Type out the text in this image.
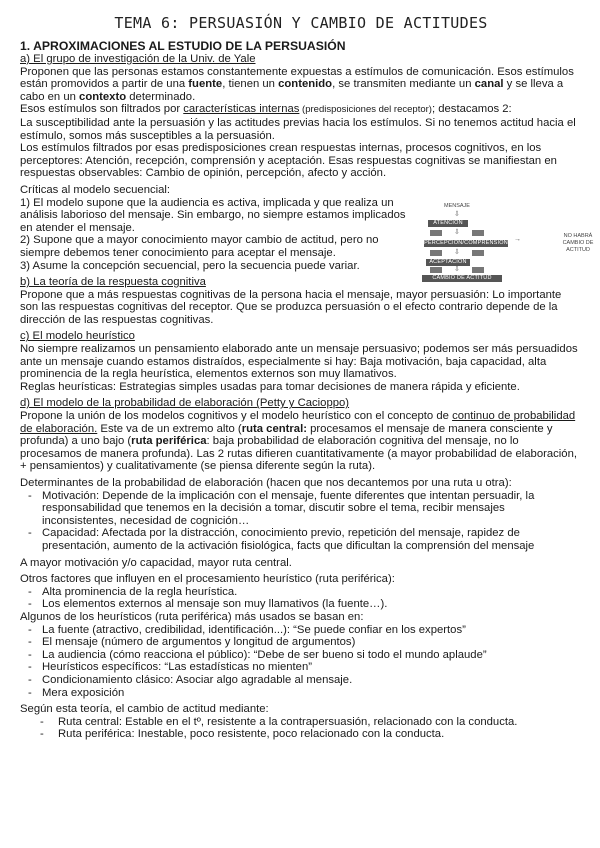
TEMA 6: PERSUASIÓN Y CAMBIO DE ACTITUDES
1. APROXIMACIONES AL ESTUDIO DE LA PERSUASIÓN
a) El grupo de investigación de la Univ. de Yale
Proponen que las personas estamos constantemente expuestas a estímulos de comunicación. Esos estímulos están promovidos a partir de una fuente, tienen un contenido, se transmiten mediante un canal y se lleva a cabo en un contexto determinado.
Esos estímulos son filtrados por características internas (predisposiciones del receptor); destacamos 2:
La susceptibilidad ante la persuasión y las actitudes previas hacia los estímulos. Si no tenemos actitud hacia el estímulo, somos más susceptibles a la persuasión.
Los estímulos filtrados por esas predisposiciones crean respuestas internas, procesos cognitivos, en los perceptores: Atención, recepción, comprensión y aceptación. Esas respuestas cognitivas se manifiestan en respuestas observables: Cambio de opinión, percepción, afecto y acción.
Críticas al modelo secuencial:
1) El modelo supone que la audiencia es activa, implicada y que realiza un análisis laborioso del mensaje. Sin embargo, no siempre estamos implicados en atender el mensaje.
2) Supone que a mayor conocimiento mayor cambio de actitud, pero no siempre debemos tener conocimiento para aceptar el mensaje.
3) Asume la concepción secuencial, pero la secuencia puede variar.
b) La teoría de la respuesta cognitiva
Propone que a más respuestas cognitivas de la persona hacia el mensaje, mayor persuasión: Lo importante son las respuestas cognitivas del receptor. Que se produzca persuasión o el efecto contrario depende de la dirección de las respuestas cognitivas.
c) El modelo heurístico
No siempre realizamos un pensamiento elaborado ante un mensaje persuasivo; podemos ser más persuadidos ante un mensaje cuando estamos distraídos, especialmente si hay: Baja motivación, baja capacidad, alta prominencia de la regla heurística, elementos externos son muy llamativos.
Reglas heurísticas: Estrategias simples usadas para tomar decisiones de manera rápida y eficiente.
d) El modelo de la probabilidad de elaboración (Petty y Cacioppo)
Propone la unión de los modelos cognitivos y el modelo heurístico con el concepto de continuo de probabilidad de elaboración. Este va de un extremo alto (ruta central: procesamos el mensaje de manera consciente y profunda) a uno bajo (ruta periférica: baja probabilidad de elaboración cognitiva del mensaje, no lo procesamos de manera profunda). Las 2 rutas difieren cuantitativamente (a mayor probabilidad de elaboración, + pensamientos) y cualitativamente (se piensa diferente según la ruta).
Determinantes de la probabilidad de elaboración (hacen que nos decantemos por una ruta u otra):
- Motivación: Depende de la implicación con el mensaje, fuente diferentes que intentan persuadir, la responsabilidad que tenemos en la decisión a tomar, discutir sobre el tema, recibir mensajes inconsistentes, necesidad de cognición…
- Capacidad: Afectada por la distracción, conocimiento previo, repetición del mensaje, rapidez de presentación, aumento de la activación fisiológica, facts que dificultan la comprensión del mensaje
A mayor motivación y/o capacidad, mayor ruta central.
Otros factores que influyen en el procesamiento heurístico (ruta periférica):
- Alta prominencia de la regla heurística.
- Los elementos externos al mensaje son muy llamativos (la fuente…).
Algunos de los heurísticos (ruta periférica) más usados se basan en:
- La fuente (atractivo, credibilidad, identificación...): “Se puede confiar en los expertos”
- El mensaje (número de argumentos y longitud de argumentos)
- La audiencia (cómo reacciona el público): “Debe de ser bueno si todo el mundo aplaude”
- Heurísticos específicos: “Las estadísticas no mienten”
- Condicionamiento clásico: Asociar algo agradable al mensaje.
- Mera exposición
Según esta teoría, el cambio de actitud mediante:
- Ruta central: Estable en el tº, resistente a la contrapersuasión, relacionado con la conducta.
- Ruta periférica: Inestable, poco resistente, poco relacionado con la conducta.
MENSAJE
⇩
ATENCIÓN
⇩
PERCEPCIÓN/COMPRENSIÓN
⇩
ACEPTACIÓN
⇩
CAMBIO DE ACTITUD
→	NO HABRÁ CAMBIO DE ACTITUD
